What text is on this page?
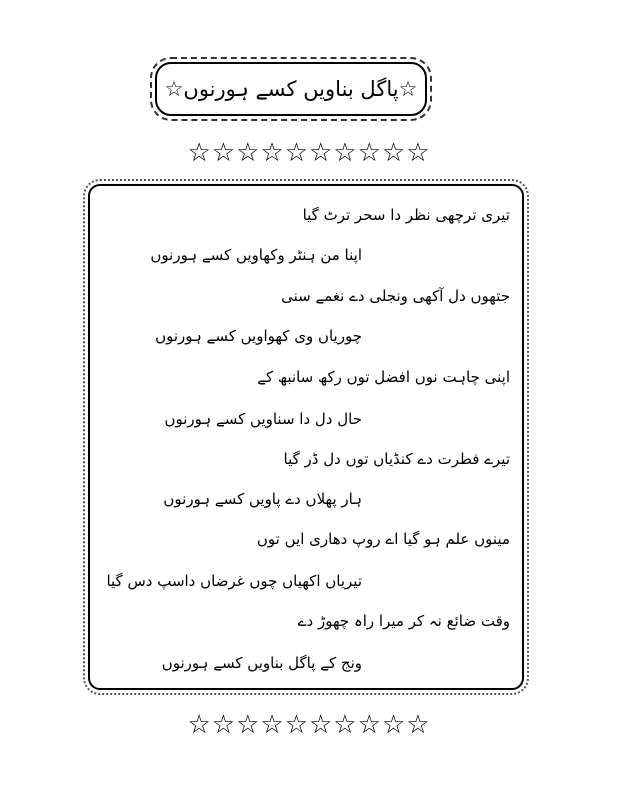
☆پاگل بناویں کسے ہورنوں☆
☆☆☆☆☆☆☆☆☆☆
تیری ترچھی نظر دا سحر ترٹ گیا
اپنا من ہنٹر وکھاویں کسے ہورنوں
جتھوں دل آکھی ونجلی دے نغمے سنی
چوریاں وی کھواویں کسے ہورنوں
اپنی چاہت نوں افضل توں رکھ سانبھ کے
حال دل دا سناویں کسے ہورنوں
تیرے فطرت دے کنڈیاں توں دل ڈر گیا
ہار پھلاں دے پاویں کسے ہورنوں
مینوں علم ہو گیا اے روپ دھاری ایں توں
تیریاں اکھیاں چوں غرضاں داسپ دس گیا
وقت ضائع نہ کر میرا راہ چھوڑ دے
ونج کے پاگل بناویں کسے ہورنوں
☆☆☆☆☆☆☆☆☆☆
